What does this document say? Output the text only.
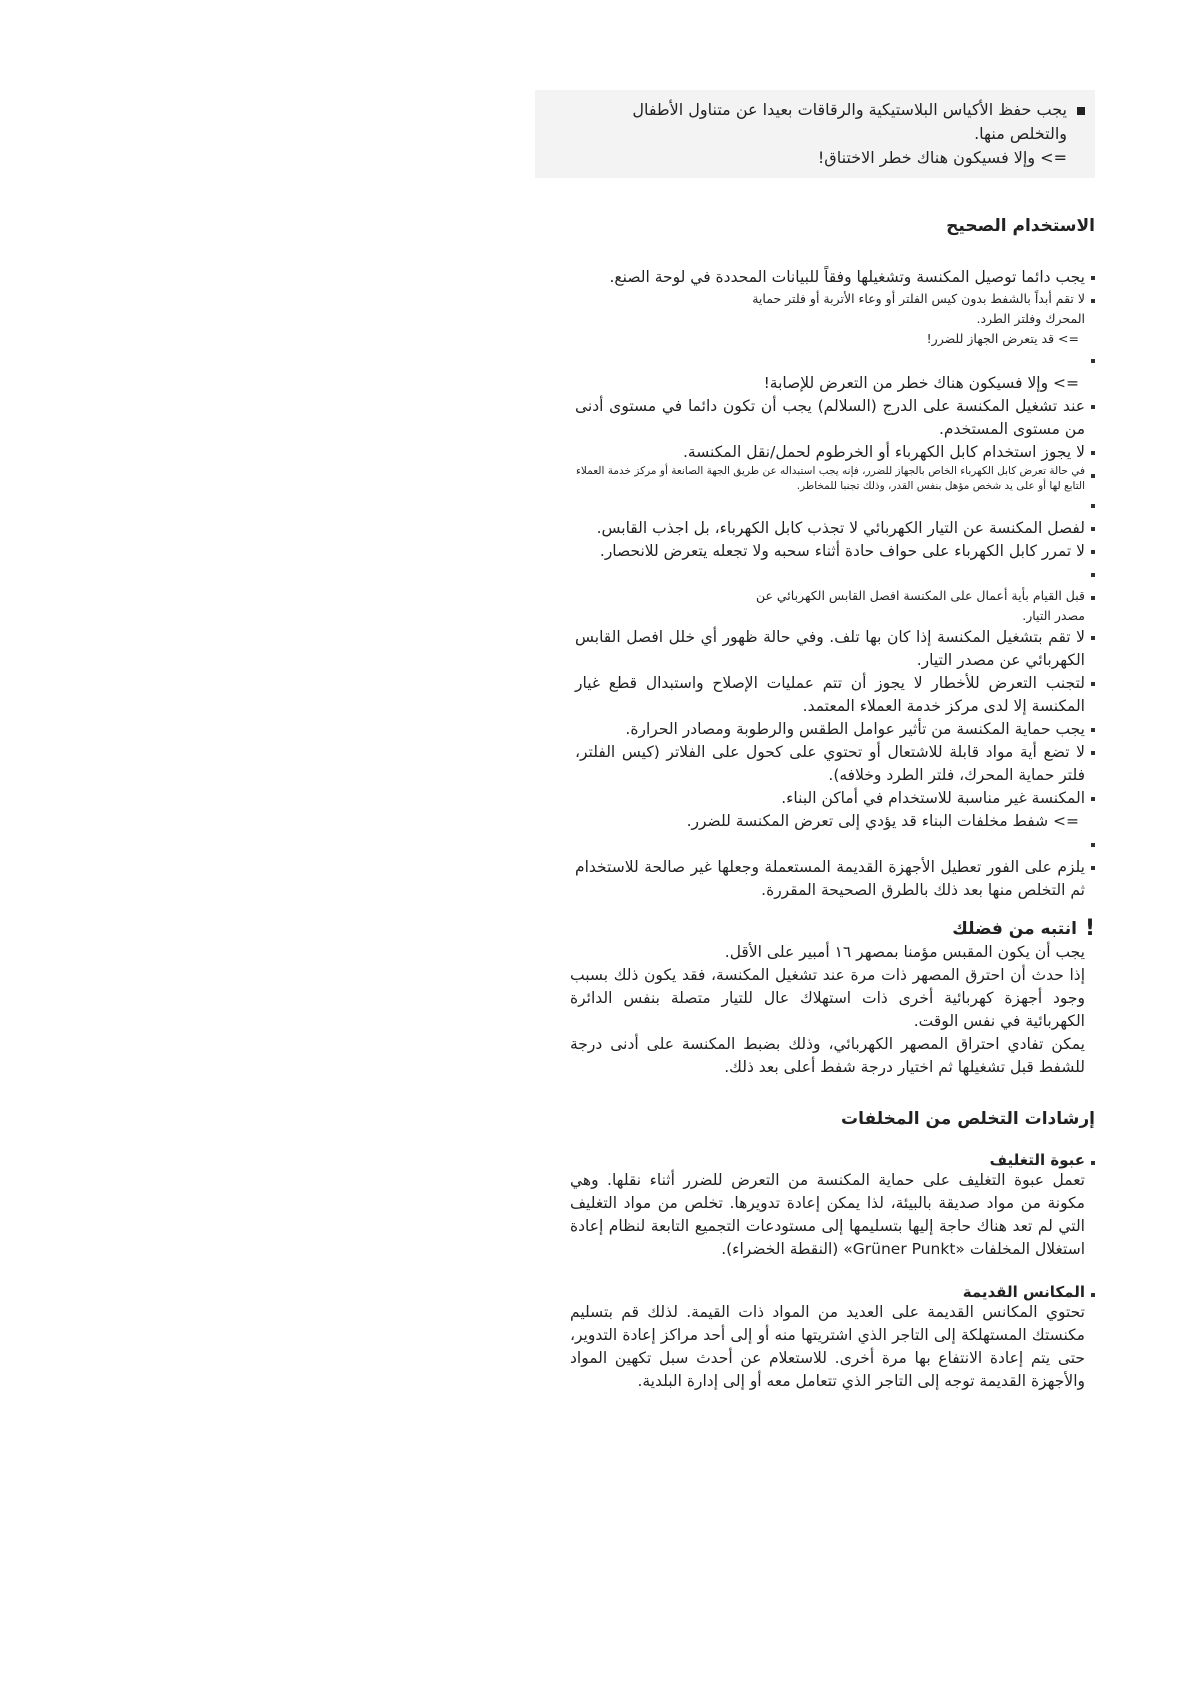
يجب حفظ الأكياس البلاستيكية والرقاقات بعيدا عن متناول الأطفال
والتخلص منها.
=> وإلا فسيكون هناك خطر الاختناق!
الاستخدام الصحيح
يجب دائما توصيل المكنسة وتشغيلها وفقاً للبيانات المحددة في لوحة الصنع.
لا تقم أبداً بالشفط بدون كيس الفلتر أو وعاء الأتربة أو فلتر حماية المحرك وفلتر الطرد.
=> قد يتعرض الجهاز للضرر!

=> وإلا فسيكون هناك خطر من التعرض للإصابة!
عند تشغيل المكنسة على الدرج (السلالم) يجب أن تكون دائما في مستوى أدنى من مستوى المستخدم.
لا يجوز استخدام كابل الكهرباء أو الخرطوم لحمل/نقل المكنسة.
في حالة تعرض كابل الكهرباء الخاص بالجهاز للضرر، فإنه يجب استبداله عن طريق الجهة الصانعة أو مركز خدمة العملاء التابع لها أو على يد شخص مؤهل بنفس القدر، وذلك تجنبا للمخاطر.

لفصل المكنسة عن التيار الكهربائي لا تجذب كابل الكهرباء، بل اجذب القابس.
لا تمرر كابل الكهرباء على حواف حادة أثناء سحبه ولا تجعله يتعرض للانحصار.

قبل القيام بأية أعمال على المكنسة افصل القابس الكهربائي عن مصدر التيار.
لا تقم بتشغيل المكنسة إذا كان بها تلف. وفي حالة ظهور أي خلل افصل القابس الكهربائي عن مصدر التيار.
لتجنب التعرض للأخطار لا يجوز أن تتم عمليات الإصلاح واستبدال قطع غيار المكنسة إلا لدى مركز خدمة العملاء المعتمد.
يجب حماية المكنسة من تأثير عوامل الطقس والرطوبة ومصادر الحرارة.
لا تضع أية مواد قابلة للاشتعال أو تحتوي على كحول على الفلاتر (كيس الفلتر، فلتر حماية المحرك، فلتر الطرد وخلافه).
المكنسة غير مناسبة للاستخدام في أماكن البناء.
=> شفط مخلفات البناء قد يؤدي إلى تعرض المكنسة للضرر.

يلزم على الفور تعطيل الأجهزة القديمة المستعملة وجعلها غير صالحة للاستخدام ثم التخلص منها بعد ذلك بالطرق الصحيحة المقررة.
!
انتبه من فضلك
يجب أن يكون المقبس مؤمنا بمصهر ١٦ أمبير على الأقل.
إذا حدث أن احترق المصهر ذات مرة عند تشغيل المكنسة، فقد يكون ذلك بسبب وجود أجهزة كهربائية أخرى ذات استهلاك عال للتيار متصلة بنفس الدائرة الكهربائية في نفس الوقت.
يمكن تفادي احتراق المصهر الكهربائي، وذلك بضبط المكنسة على أدنى درجة للشفط قبل تشغيلها ثم اختيار درجة شفط أعلى بعد ذلك.
إرشادات التخلص من المخلفات
عبوة التغليف
تعمل عبوة التغليف على حماية المكنسة من التعرض للضرر أثناء نقلها. وهي مكونة من مواد صديقة بالبيئة، لذا يمكن إعادة تدويرها. تخلص من مواد التغليف التي لم تعد هناك حاجة إليها بتسليمها إلى مستودعات التجميع التابعة لنظام إعادة استغلال المخلفات «Grüner Punkt» (النقطة الخضراء).
المكانس القديمة
تحتوي المكانس القديمة على العديد من المواد ذات القيمة. لذلك قم بتسليم مكنستك المستهلكة إلى التاجر الذي اشتريتها منه أو إلى أحد مراكز إعادة التدوير، حتى يتم إعادة الانتفاع بها مرة أخرى. للاستعلام عن أحدث سبل تكهين المواد والأجهزة القديمة توجه إلى التاجر الذي تتعامل معه أو إلى إدارة البلدية.
